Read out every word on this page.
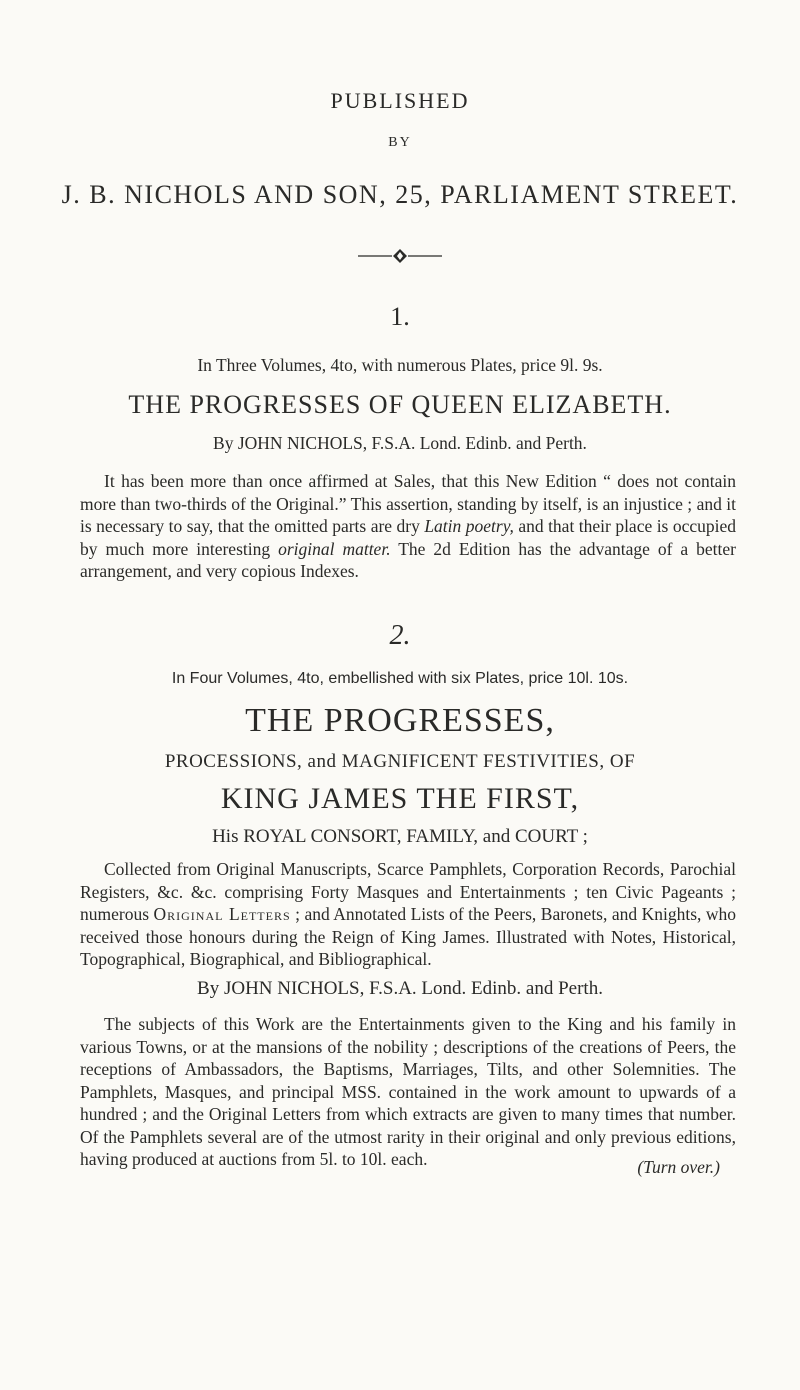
PUBLISHED
BY
J. B. NICHOLS AND SON, 25, PARLIAMENT STREET.
1.
In Three Volumes, 4to, with numerous Plates, price 9l. 9s.
THE PROGRESSES OF QUEEN ELIZABETH.
By JOHN NICHOLS, F.S.A. Lond. Edinb. and Perth.
It has been more than once affirmed at Sales, that this New Edition “ does not contain more than two-thirds of the Original.” This assertion, standing by itself, is an injustice ; and it is necessary to say, that the omitted parts are dry Latin poetry, and that their place is occupied by much more interesting original matter. The 2d Edition has the advantage of a better arrangement, and very copious Indexes.
2.
In Four Volumes, 4to, embellished with six Plates, price 10l. 10s.
THE PROGRESSES,
PROCESSIONS, and MAGNIFICENT FESTIVITIES, OF
KING JAMES THE FIRST,
His ROYAL CONSORT, FAMILY, and COURT ;
Collected from Original Manuscripts, Scarce Pamphlets, Corporation Records, Parochial Registers, &c. &c. comprising Forty Masques and Entertainments ; ten Civic Pageants ; numerous Original Letters ; and Annotated Lists of the Peers, Baronets, and Knights, who received those honours during the Reign of King James. Illustrated with Notes, Historical, Topographical, Biographical, and Bibliographical.
By JOHN NICHOLS, F.S.A. Lond. Edinb. and Perth.
The subjects of this Work are the Entertainments given to the King and his family in various Towns, or at the mansions of the nobility ; descriptions of the creations of Peers, the receptions of Ambassadors, the Baptisms, Marriages, Tilts, and other Solemnities. The Pamphlets, Masques, and principal MSS. contained in the work amount to upwards of a hundred ; and the Original Letters from which extracts are given to many times that number. Of the Pamphlets several are of the utmost rarity in their original and only previous editions, having produced at auctions from 5l. to 10l. each.	(Turn over.)
